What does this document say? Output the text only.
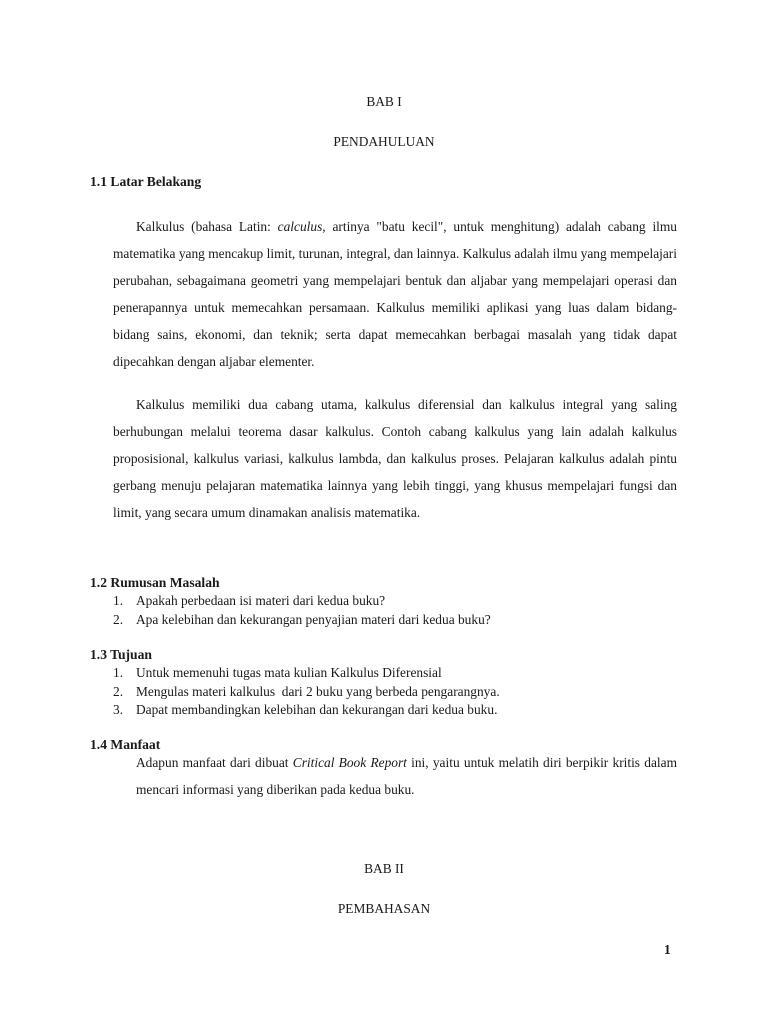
BAB I
PENDAHULUAN
1.1 Latar Belakang

Kalkulus (bahasa Latin: calculus, artinya "batu kecil", untuk menghitung) adalah cabang ilmu matematika yang mencakup limit, turunan, integral, dan lainnya. Kalkulus adalah ilmu yang mempelajari perubahan, sebagaimana geometri yang mempelajari bentuk dan aljabar yang mempelajari operasi dan penerapannya untuk memecahkan persamaan. Kalkulus memiliki aplikasi yang luas dalam bidang-bidang sains, ekonomi, dan teknik; serta dapat memecahkan berbagai masalah yang tidak dapat dipecahkan dengan aljabar elementer.

Kalkulus memiliki dua cabang utama, kalkulus diferensial dan kalkulus integral yang saling berhubungan melalui teorema dasar kalkulus. Contoh cabang kalkulus yang lain adalah kalkulus proposisional, kalkulus variasi, kalkulus lambda, dan kalkulus proses. Pelajaran kalkulus adalah pintu gerbang menuju pelajaran matematika lainnya yang lebih tinggi, yang khusus mempelajari fungsi dan limit, yang secara umum dinamakan analisis matematika.

1.2 Rumusan Masalah
1. Apakah perbedaan isi materi dari kedua buku?
2. Apa kelebihan dan kekurangan penyajian materi dari kedua buku?
1.3 Tujuan
1. Untuk memenuhi tugas mata kulian Kalkulus Diferensial
2. Mengulas materi kalkulus  dari 2 buku yang berbeda pengarangnya.
3. Dapat membandingkan kelebihan dan kekurangan dari kedua buku.
1.4 Manfaat

Adapun manfaat dari dibuat Critical Book Report ini, yaitu untuk melatih diri berpikir kritis dalam mencari informasi yang diberikan pada kedua buku.

BAB II
PEMBAHASAN
1
